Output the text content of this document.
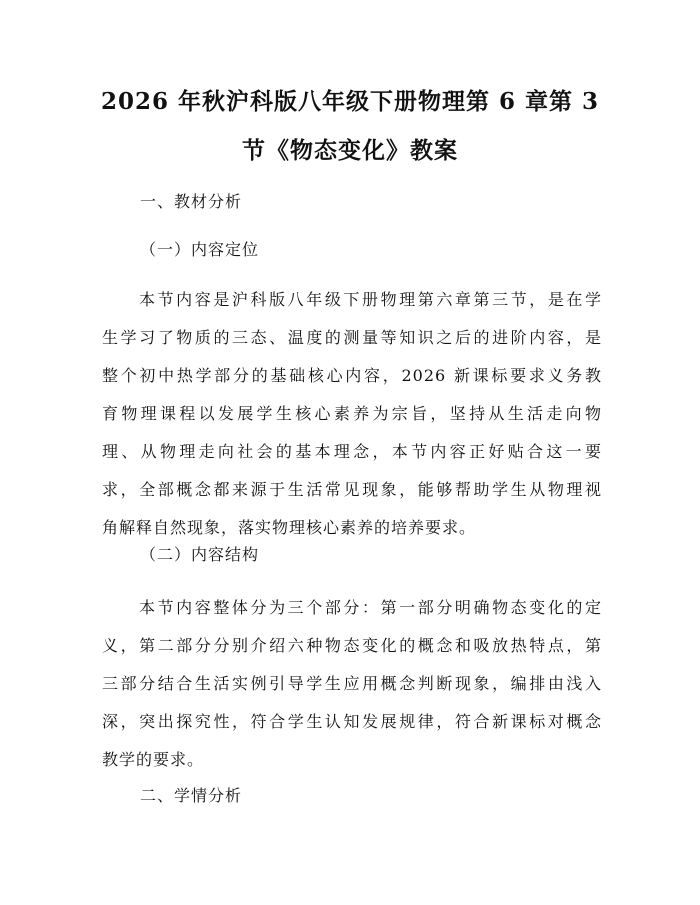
2026 年秋沪科版八年级下册物理第 6 章第 3
节《物态变化》教案
一、教材分析
（一）内容定位
本节内容是沪科版八年级下册物理第六章第三节，是在学
生学习了物质的三态、温度的测量等知识之后的进阶内容，是
整个初中热学部分的基础核心内容，2026 新课标要求义务教
育物理课程以发展学生核心素养为宗旨，坚持从生活走向物
理、从物理走向社会的基本理念，本节内容正好贴合这一要
求，全部概念都来源于生活常见现象，能够帮助学生从物理视
角解释自然现象，落实物理核心素养的培养要求。
（二）内容结构
本节内容整体分为三个部分：第一部分明确物态变化的定
义，第二部分分别介绍六种物态变化的概念和吸放热特点，第
三部分结合生活实例引导学生应用概念判断现象，编排由浅入
深，突出探究性，符合学生认知发展规律，符合新课标对概念
教学的要求。
二、学情分析
